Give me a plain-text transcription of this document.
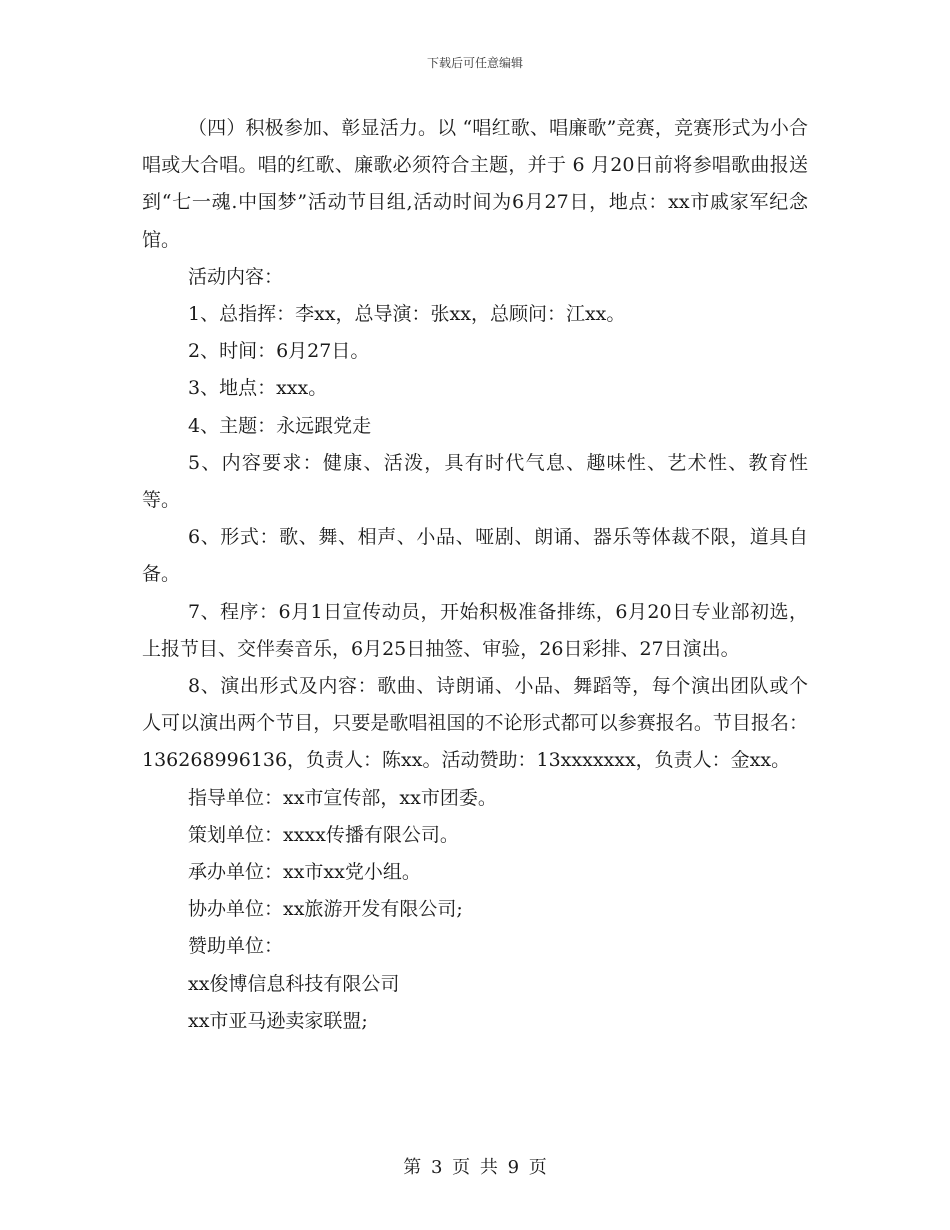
下载后可任意编辑

（四）积极参加、彰显活力。以 “唱红歌、唱廉歌”竞赛，竞赛形式为小合唱或大合唱。唱的红歌、廉歌必须符合主题，并于 6 月20日前将参唱歌曲报送到“七一魂.中国梦”活动节目组,活动时间为6月27日，地点：xx市戚家军纪念馆。

活动内容：

1、总指挥：李xx，总导演：张xx，总顾问：江xx。

2、时间：6月27日。

3、地点：xxx。

4、主题：永远跟党走

5、内容要求：健康、活泼，具有时代气息、趣味性、艺术性、教育性等。

6、形式：歌、舞、相声、小品、哑剧、朗诵、器乐等体裁不限，道具自备。

7、程序：6月1日宣传动员，开始积极准备排练，6月20日专业部初选，上报节目、交伴奏音乐，6月25日抽签、审验，26日彩排、27日演出。

8、演出形式及内容：歌曲、诗朗诵、小品、舞蹈等，每个演出团队或个人可以演出两个节目，只要是歌唱祖国的不论形式都可以参赛报名。节目报名：136268996136，负责人：陈xx。活动赞助：13xxxxxxx，负责人：金xx。

指导单位：xx市宣传部，xx市团委。

策划单位：xxxx传播有限公司。

承办单位：xx市xx党小组。

协办单位：xx旅游开发有限公司;

赞助单位：

xx俊博信息科技有限公司

xx市亚马逊卖家联盟;

第 3 页 共 9 页
